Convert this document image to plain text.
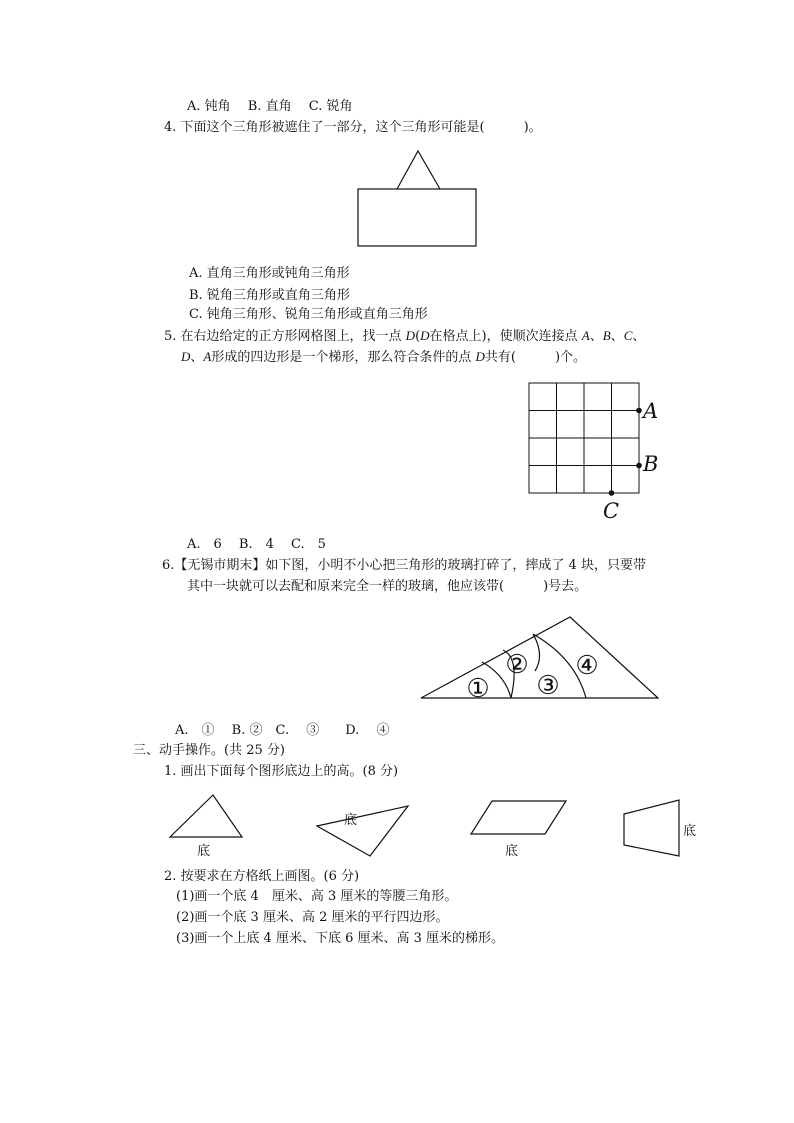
A. 钝角　 B. 直角　 C. 锐角
4. 下面这个三角形被遮住了一部分，这个三角形可能是(　　　)。
A. 直角三角形或钝角三角形
B. 锐角三角形或直角三角形
C. 钝角三角形、锐角三角形或直角三角形
5. 在右边给定的正方形网格图上，找一点 D(D在格点上)，使顺次连接点 A、B、C、
D、A形成的四边形是一个梯形，那么符合条件的点 D共有(　　　)个。
A
B
C
A.　6　 B.　4　 C.　5
6.【无锡市期末】如下图，小明不小心把三角形的玻璃打碎了，摔成了 4 块，只要带
其中一块就可以去配和原来完全一样的玻璃，他应该带(　　　)号去。
①
②
③
④
A.　①　 B. ②　C.　 ③　　D.　 ④
三、动手操作。(共 25 分)
1. 画出下面每个图形底边上的高。(8 分)
底
底
底
底
2. 按要求在方格纸上画图。(6 分)
(1)画一个底 4　厘米、高 3 厘米的等腰三角形。
(2)画一个底 3 厘米、高 2 厘米的平行四边形。
(3)画一个上底 4 厘米、下底 6 厘米、高 3 厘米的梯形。
